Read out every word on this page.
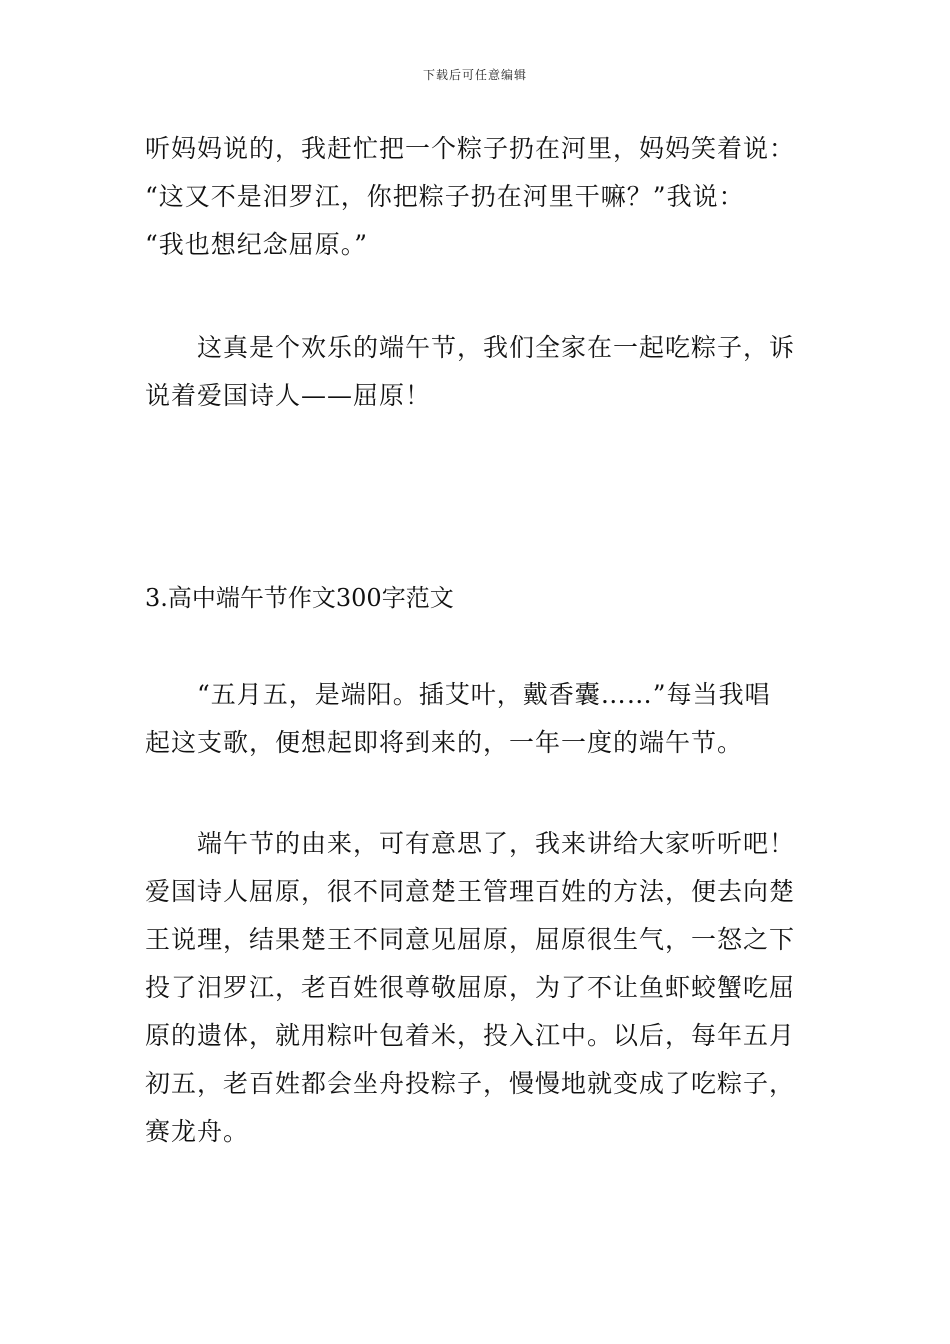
下载后可任意编辑
听妈妈说的，我赶忙把一个粽子扔在河里，妈妈笑着说：
“这又不是汨罗江，你把粽子扔在河里干嘛？”我说：
“我也想纪念屈原。”
　　这真是个欢乐的端午节，我们全家在一起吃粽子，诉
说着爱国诗人——屈原！
3.高中端午节作文300字范文
　　“五月五，是端阳。插艾叶，戴香囊……”每当我唱
起这支歌，便想起即将到来的，一年一度的端午节。
　　端午节的由来，可有意思了，我来讲给大家听听吧！
爱国诗人屈原，很不同意楚王管理百姓的方法，便去向楚
王说理，结果楚王不同意见屈原，屈原很生气，一怒之下
投了汨罗江，老百姓很尊敬屈原，为了不让鱼虾蛟蟹吃屈
原的遗体，就用粽叶包着米，投入江中。以后，每年五月
初五，老百姓都会坐舟投粽子，慢慢地就变成了吃粽子，
赛龙舟。
